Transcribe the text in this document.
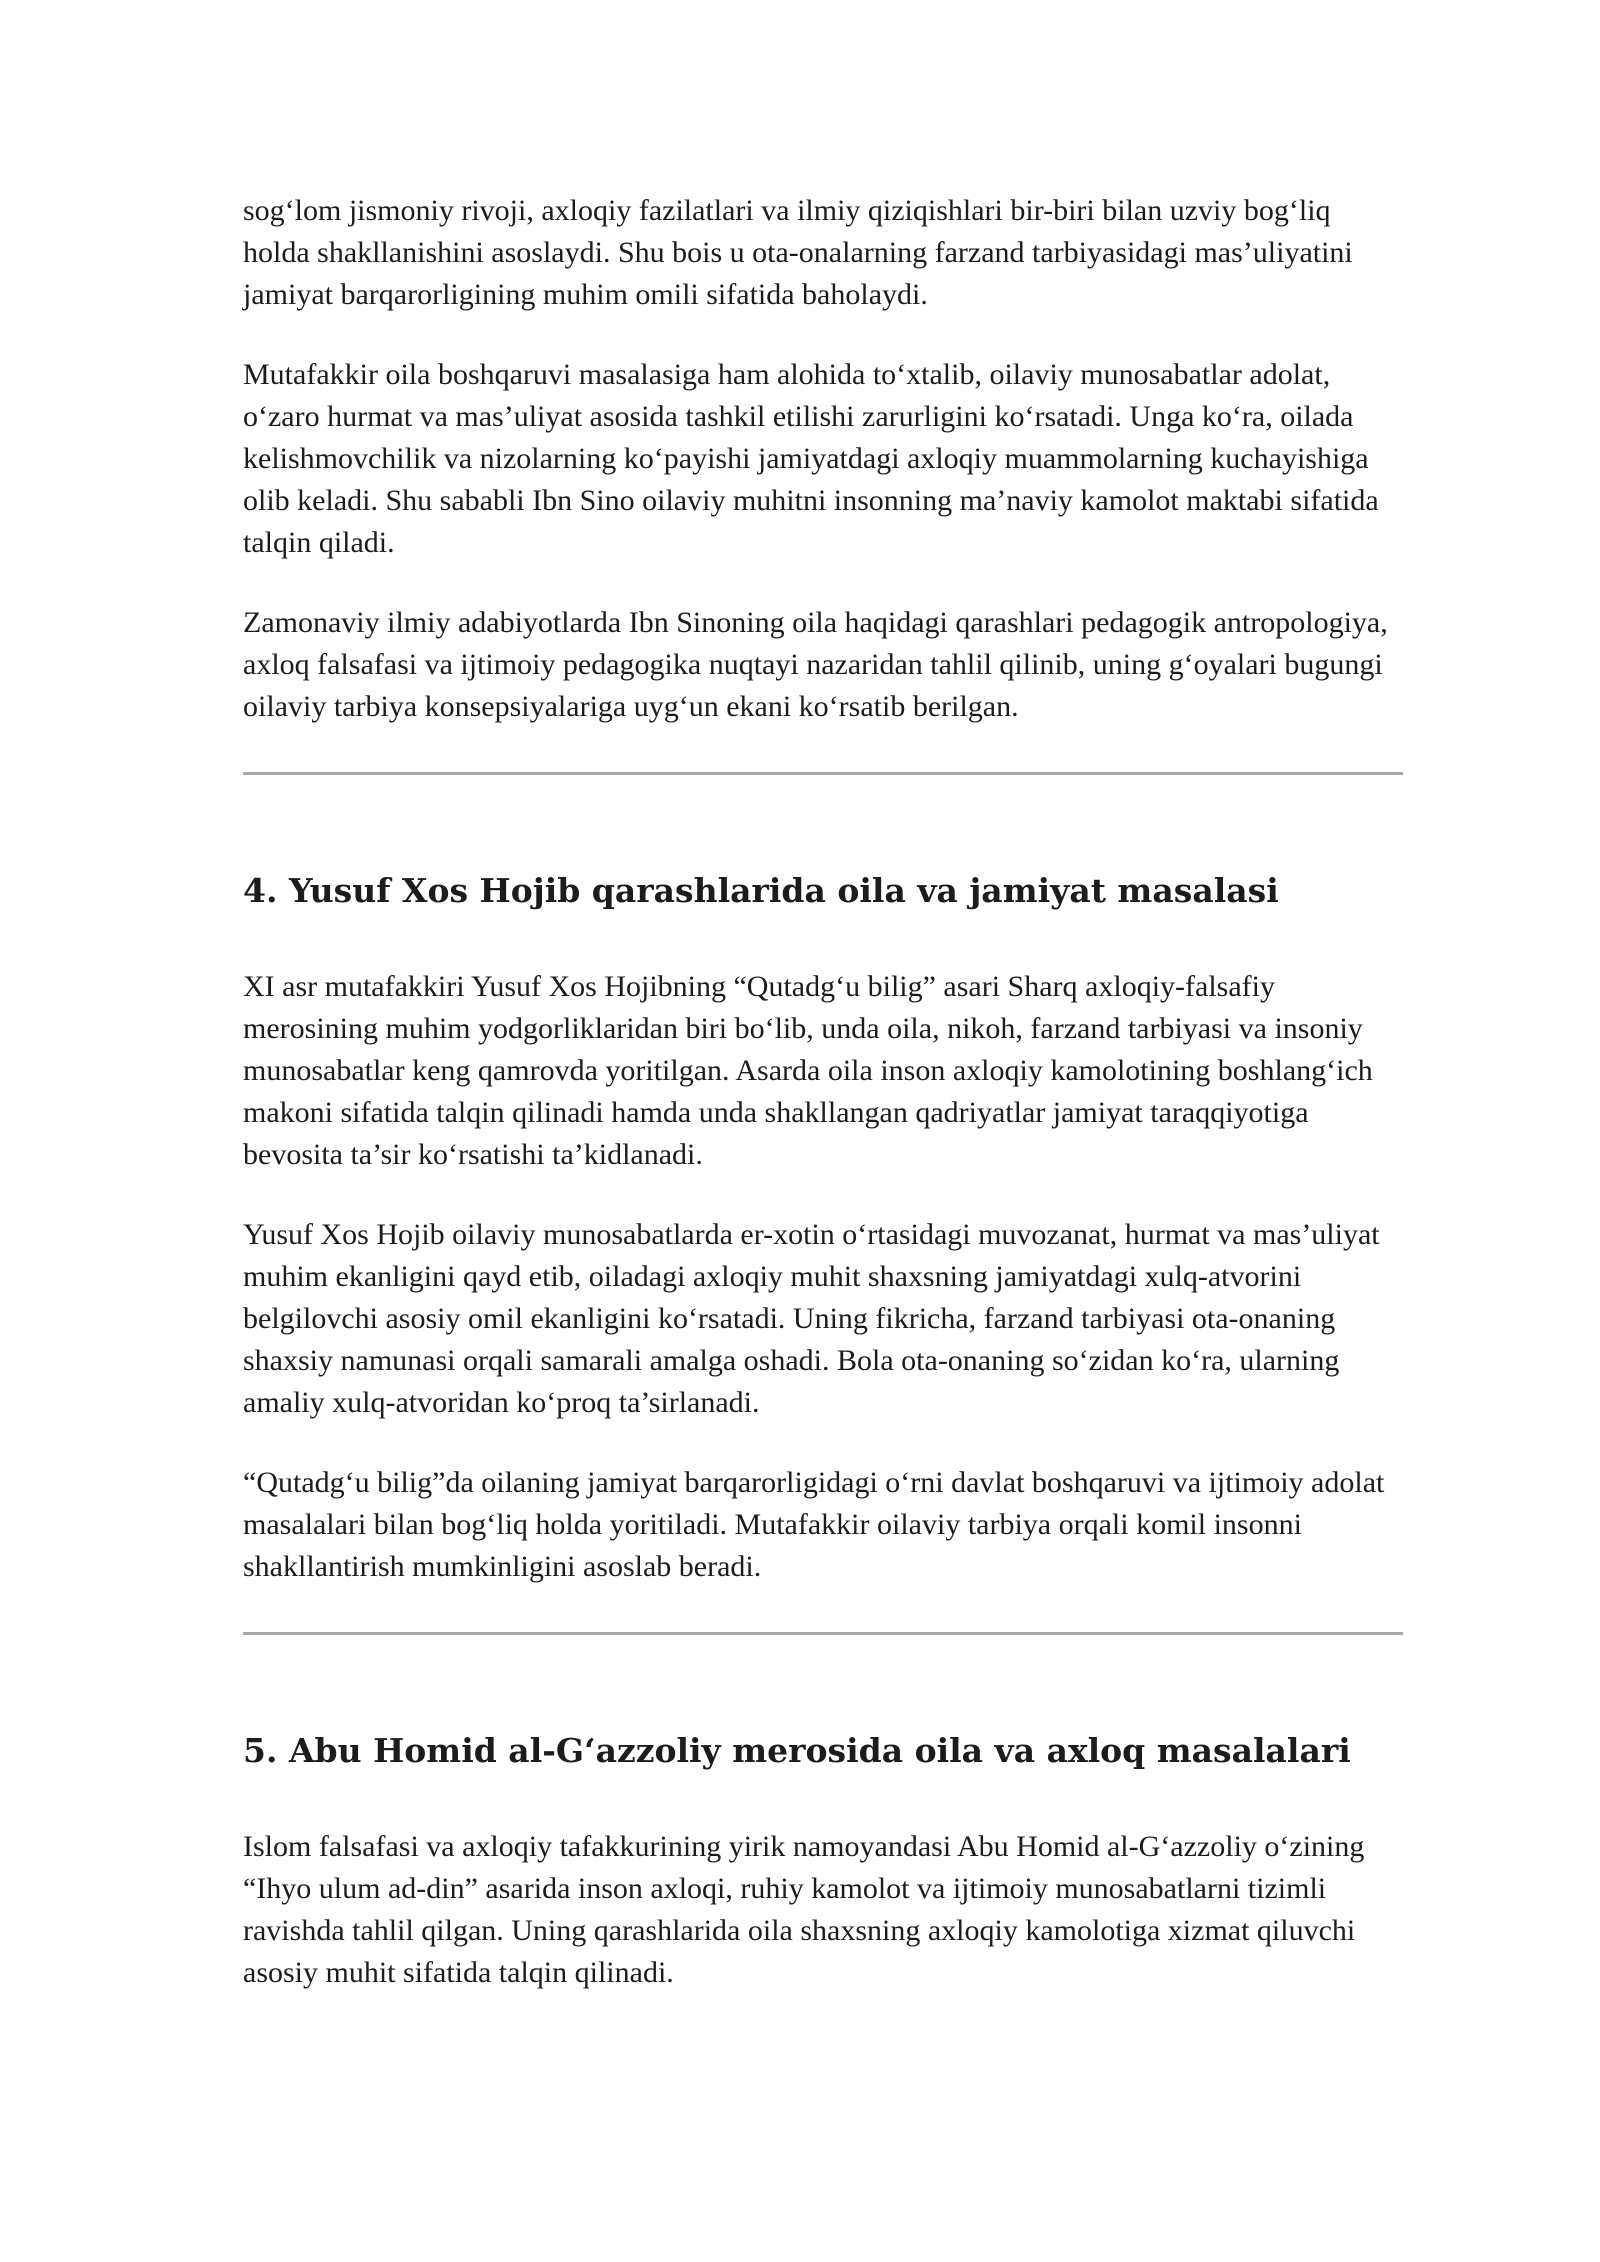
sog‘lom jismoniy rivoji, axloqiy fazilatlari va ilmiy qiziqishlari bir-biri bilan uzviy bog‘liq holda shakllanishini asoslaydi. Shu bois u ota-onalarning farzand tarbiyasidagi mas’uliyatini jamiyat barqarorligining muhim omili sifatida baholaydi.

Mutafakkir oila boshqaruvi masalasiga ham alohida to‘xtalib, oilaviy munosabatlar adolat, o‘zaro hurmat va mas’uliyat asosida tashkil etilishi zarurligini ko‘rsatadi. Unga ko‘ra, oilada kelishmovchilik va nizolarning ko‘payishi jamiyatdagi axloqiy muammolarning kuchayishiga olib keladi. Shu sababli Ibn Sino oilaviy muhitni insonning ma’naviy kamolot maktabi sifatida talqin qiladi.

Zamonaviy ilmiy adabiyotlarda Ibn Sinoning oila haqidagi qarashlari pedagogik antropologiya, axloq falsafasi va ijtimoiy pedagogika nuqtayi nazaridan tahlil qilinib, uning g‘oyalari bugungi oilaviy tarbiya konsepsiyalariga uyg‘un ekani ko‘rsatib berilgan.

4. Yusuf Xos Hojib qarashlarida oila va jamiyat masalasi

XI asr mutafakkiri Yusuf Xos Hojibning “Qutadg‘u bilig” asari Sharq axloqiy-falsafiy merosining muhim yodgorliklaridan biri bo‘lib, unda oila, nikoh, farzand tarbiyasi va insoniy munosabatlar keng qamrovda yoritilgan. Asarda oila inson axloqiy kamolotining boshlang‘ich makoni sifatida talqin qilinadi hamda unda shakllangan qadriyatlar jamiyat taraqqiyotiga bevosita ta’sir ko‘rsatishi ta’kidlanadi.

Yusuf Xos Hojib oilaviy munosabatlarda er-xotin o‘rtasidagi muvozanat, hurmat va mas’uliyat muhim ekanligini qayd etib, oiladagi axloqiy muhit shaxsning jamiyatdagi xulq-atvorini belgilovchi asosiy omil ekanligini ko‘rsatadi. Uning fikricha, farzand tarbiyasi ota-onaning shaxsiy namunasi orqali samarali amalga oshadi. Bola ota-onaning so‘zidan ko‘ra, ularning amaliy xulq-atvoridan ko‘proq ta’sirlanadi.

“Qutadg‘u bilig”da oilaning jamiyat barqarorligidagi o‘rni davlat boshqaruvi va ijtimoiy adolat masalalari bilan bog‘liq holda yoritiladi. Mutafakkir oilaviy tarbiya orqali komil insonni shakllantirish mumkinligini asoslab beradi.

5. Abu Homid al-G‘azzoliy merosida oila va axloq masalalari

Islom falsafasi va axloqiy tafakkurining yirik namoyandasi Abu Homid al-G‘azzoliy o‘zining “Ihyo ulum ad-din” asarida inson axloqi, ruhiy kamolot va ijtimoiy munosabatlarni tizimli ravishda tahlil qilgan. Uning qarashlarida oila shaxsning axloqiy kamolotiga xizmat qiluvchi asosiy muhit sifatida talqin qilinadi.
